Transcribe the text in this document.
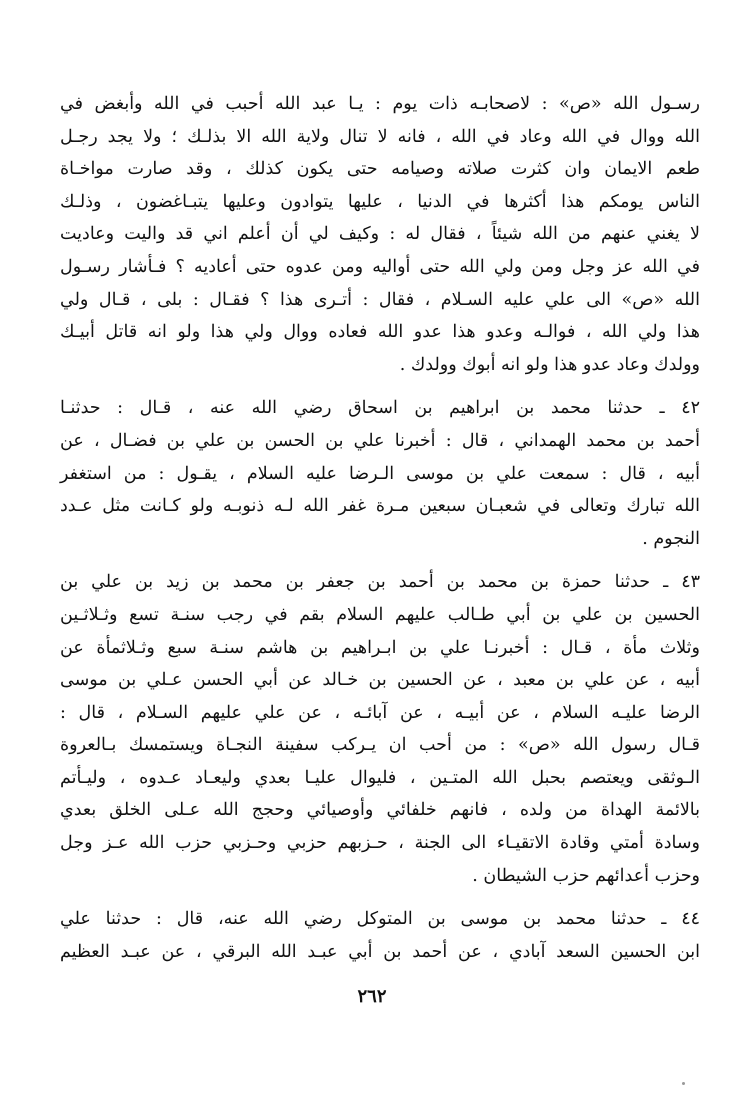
رسـول الله «ص» : لاصحابـه ذات يوم : يـا عبد الله أحبب في الله وأبغض في
الله ووال في الله وعاد في الله ، فانه لا تنال ولاية الله الا بذلـك ؛ ولا يجد رجـل
طعم الايمان وان كثرت صلاته وصيامه حتى يكون كذلك ، وقد صارت مواخـاة
الناس يومكم هذا أكثرها في الدنيا ، عليها يتوادون وعليها يتبـاغضون ، وذلـك
لا يغني عنهم من الله شيئاً ، فقال له : وكيف لي أن أعلم اني قد واليت وعاديت
في الله عز وجل ومن ولي الله حتى أواليه ومن عدوه حتى أعاديه ؟ فـأشار رسـول
الله «ص» الى علي عليه السـلام ، فقال : أتـرى هذا ؟ فقـال : بلى ، قـال ولي
هذا ولي الله ، فوالـه وعدو هذا عدو الله فعاده ووال ولي هذا ولو انه قاتل أبيـك
وولدك وعاد عدو هذا ولو انه أبوك وولدك .
٤٢ ـ حدثنا محمد بن ابراهيم بن اسحاق رضي الله عنه ، قـال : حدثنـا
أحمد بن محمد الهمداني ، قال : أخبرنا علي بن الحسن بن علي بن فضـال ، عن
أبيه ، قال : سمعت علي بن موسى الـرضا عليه السلام ، يقـول : من استغفر
الله تبارك وتعالى في شعبـان سبعين مـرة غفر الله لـه ذنوبـه ولو كـانت مثل عـدد
النجوم .
٤٣ ـ حدثنا حمزة بن محمد بن أحمد بن جعفر بن محمد بن زيد بن علي بن
الحسين بن علي بن أبي طـالب عليهم السلام بقم في رجب سنـة تسع وثـلاثـين
وثلاث مأة ، قـال : أخبرنـا علي بن ابـراهيم بن هاشم سنـة سبع وثـلاثمأة عن
أبيه ، عن علي بن معبد ، عن الحسين بن خـالد عن أبي الحسن عـلي بن موسى
الرضا عليـه السلام ، عن أبيـه ، عن آبائـه ، عن علي عليهم السـلام ، قال :
قـال رسول الله «ص» : من أحب ان يـركب سفينة النجـاة ويستمسك بـالعروة
الـوثقى ويعتصم بحبل الله المتـين ، فليوال عليـا بعدي وليعـاد عـدوه ، وليـأتم
بالائمة الهداة من ولده ، فانهم خلفائي وأوصيائي وحجج الله عـلى الخلق بعدي
وسادة أمتي وقادة الاتقيـاء الى الجنة ، حـزبهم حزبي وحـزبي حزب الله عـز وجل
وحزب أعدائهم حزب الشيطان .
٤٤ ـ حدثنا محمد بن موسى بن المتوكل رضي الله عنه، قال : حدثنا علي
ابن الحسين السعد آبادي ، عن أحمد بن أبي عبـد الله البرقي ، عن عبـد العظيم
٢٦٢
